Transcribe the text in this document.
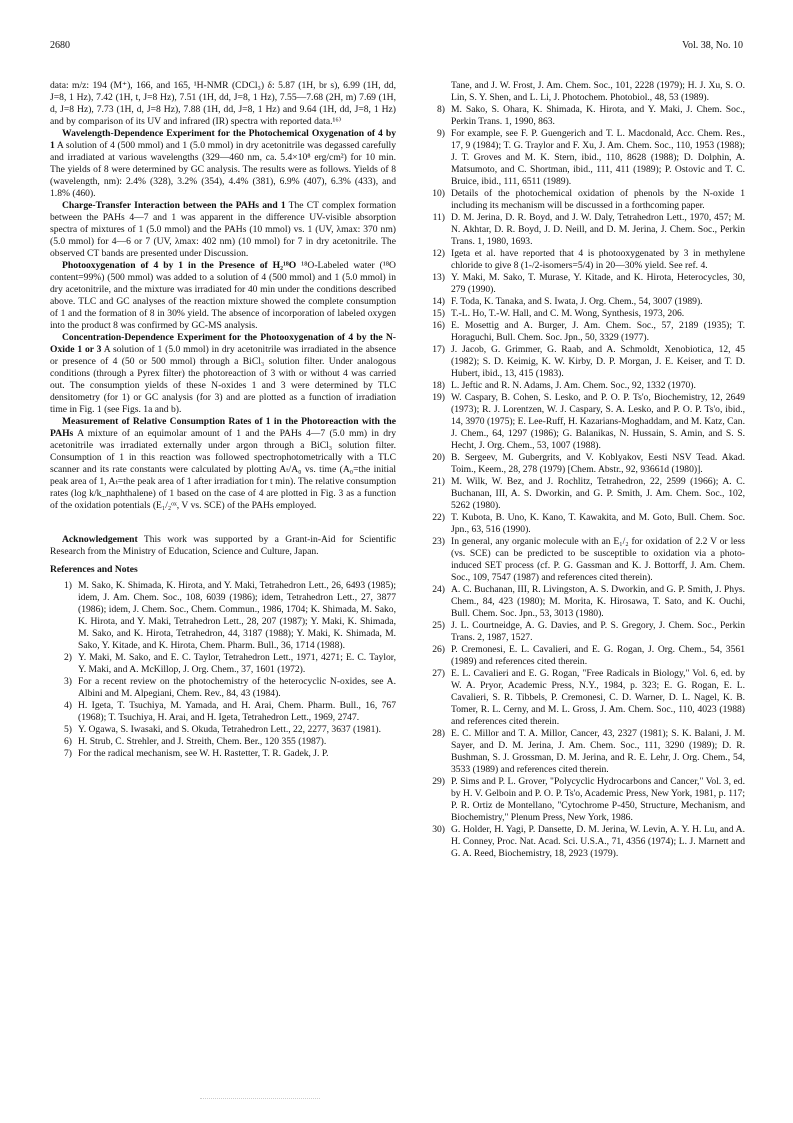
2680	Vol. 38, No. 10

data: m/z: 194 (M⁺), 166, and 165, ¹H-NMR (CDCl₃) δ: 5.87 (1H, br s), 6.99 (1H, dd, J=8, 1 Hz), 7.42 (1H, t, J=8 Hz), 7.51 (1H, dd, J=8, 1 Hz), 7.55—7.68 (2H, m) 7.69 (1H, d, J=8 Hz), 7.73 (1H, d, J=8 Hz), 7.88 (1H, dd, J=8, 1 Hz) and 9.64 (1H, dd, J=8, 1 Hz) and by comparison of its UV and infrared (IR) spectra with reported data.¹⁶⁾

Wavelength-Dependence Experiment for the Photochemical Oxygenation of 4 by 1 A solution of 4 (500 mmol) and 1 (5.0 mmol) in dry acetonitrile was degassed carefully and irradiated at various wavelengths (329—460 nm, ca. 5.4×10⁸ erg/cm²) for 10 min. The yields of 8 were determined by GC analysis. The results were as follows. Yields of 8 (wavelength, nm): 2.4% (328), 3.2% (354), 4.4% (381), 6.9% (407), 6.3% (433), and 1.8% (460).

Charge-Transfer Interaction between the PAHs and 1 The CT complex formation between the PAHs 4—7 and 1 was apparent in the difference UV-visible absorption spectra of mixtures of 1 (5.0 mmol) and the PAHs (10 mmol) vs. 1 (UV, λmax: 370 nm) (5.0 mmol) for 4—6 or 7 (UV, λmax: 402 nm) (10 mmol) for 7 in dry acetonitrile. The observed CT bands are presented under Discussion.

Photooxygenation of 4 by 1 in the Presence of H₂¹⁸O ¹⁸O-Labeled water (¹⁸O content=99%) (500 mmol) was added to a solution of 4 (500 mmol) and 1 (5.0 mmol) in dry acetonitrile, and the mixture was irradiated for 40 min under the conditions described above. TLC and GC analyses of the reaction mixture showed the complete consumption of 1 and the formation of 8 in 30% yield. The absence of incorporation of labeled oxygen into the product 8 was confirmed by GC-MS analysis.

Concentration-Dependence Experiment for the Photooxygenation of 4 by the N-Oxide 1 or 3 A solution of 1 (5.0 mmol) in dry acetonitrile was irradiated in the absence or presence of 4 (50 or 500 mmol) through a BiCl₃ solution filter. Under analogous conditions (through a Pyrex filter) the photoreaction of 3 with or without 4 was carried out. The consumption yields of these N-oxides 1 and 3 were determined by TLC densitometry (for 1) or GC analysis (for 3) and are plotted as a function of irradiation time in Fig. 1 (see Figs. 1a and b).

Measurement of Relative Consumption Rates of 1 in the Photoreaction with the PAHs A mixture of an equimolar amount of 1 and the PAHs 4—7 (5.0 mm) in dry acetonitrile was irradiated externally under argon through a BiCl₃ solution filter. Consumption of 1 in this reaction was followed spectrophotometrically with a TLC scanner and its rate constants were calculated by plotting Aₜ/A₀ vs. time (A₀=the initial peak area of 1, Aₜ=the peak area of 1 after irradiation for t min). The relative consumption rates (log k/k_naphthalene) of 1 based on the case of 4 are plotted in Fig. 3 as a function of the oxidation potentials (E₁/₂ᵒˣ, V vs. SCE) of the PAHs employed.

Acknowledgement This work was supported by a Grant-in-Aid for Scientific Research from the Ministry of Education, Science and Culture, Japan.

References and Notes
1) M. Sako, K. Shimada, K. Hirota, and Y. Maki, Tetrahedron Lett., 26, 6493 (1985); idem, J. Am. Chem. Soc., 108, 6039 (1986); idem, Tetrahedron Lett., 27, 3877 (1986); idem, J. Chem. Soc., Chem. Commun., 1986, 1704; K. Shimada, M. Sako, K. Hirota, and Y. Maki, Tetrahedron Lett., 28, 207 (1987); Y. Maki, K. Shimada, M. Sako, and K. Hirota, Tetrahedron, 44, 3187 (1988); Y. Maki, K. Shimada, M. Sako, Y. Kitade, and K. Hirota, Chem. Pharm. Bull., 36, 1714 (1988).
2) Y. Maki, M. Sako, and E. C. Taylor, Tetrahedron Lett., 1971, 4271; E. C. Taylor, Y. Maki, and A. McKillop, J. Org. Chem., 37, 1601 (1972).
3) For a recent review on the photochemistry of the heterocyclic N-oxides, see A. Albini and M. Alpegiani, Chem. Rev., 84, 43 (1984).
4) H. Igeta, T. Tsuchiya, M. Yamada, and H. Arai, Chem. Pharm. Bull., 16, 767 (1968); T. Tsuchiya, H. Arai, and H. Igeta, Tetrahedron Lett., 1969, 2747.
5) Y. Ogawa, S. Iwasaki, and S. Okuda, Tetrahedron Lett., 22, 2277, 3637 (1981).
6) H. Strub, C. Strehler, and J. Streith, Chem. Ber., 120 355 (1987).
7) For the radical mechanism, see W. H. Rastetter, T. R. Gadek, J. P.
Tane, and J. W. Frost, J. Am. Chem. Soc., 101, 2228 (1979); H. J. Xu, S. O. Lin, S. Y. Shen, and L. Li, J. Photochem. Photobiol., 48, 53 (1989).
8) M. Sako, S. Ohara, K. Shimada, K. Hirota, and Y. Maki, J. Chem. Soc., Perkin Trans. 1, 1990, 863.
9) For example, see F. P. Guengerich and T. L. Macdonald, Acc. Chem. Res., 17, 9 (1984); T. G. Traylor and F. Xu, J. Am. Chem. Soc., 110, 1953 (1988); J. T. Groves and M. K. Stern, ibid., 110, 8628 (1988); D. Dolphin, A. Matsumoto, and C. Shortman, ibid., 111, 411 (1989); P. Ostovic and T. C. Bruice, ibid., 111, 6511 (1989).
10) Details of the photochemical oxidation of phenols by the N-oxide 1 including its mechanism will be discussed in a forthcoming paper.
11) D. M. Jerina, D. R. Boyd, and J. W. Daly, Tetrahedron Lett., 1970, 457; M. N. Akhtar, D. R. Boyd, J. D. Neill, and D. M. Jerina, J. Chem. Soc., Perkin Trans. 1, 1980, 1693.
12) Igeta et al. have reported that 4 is photooxygenated by 3 in methylene chloride to give 8 (1-/2-isomers=5/4) in 20—30% yield. See ref. 4.
13) Y. Maki, M. Sako, T. Murase, Y. Kitade, and K. Hirota, Heterocycles, 30, 279 (1990).
14) F. Toda, K. Tanaka, and S. Iwata, J. Org. Chem., 54, 3007 (1989).
15) T.-L. Ho, T.-W. Hall, and C. M. Wong, Synthesis, 1973, 206.
16) E. Mosettig and A. Burger, J. Am. Chem. Soc., 57, 2189 (1935); T. Horaguchi, Bull. Chem. Soc. Jpn., 50, 3329 (1977).
17) J. Jacob, G. Grimmer, G. Raab, and A. Schmoldt, Xenobiotica, 12, 45 (1982); S. D. Keimig, K. W. Kirby, D. P. Morgan, J. E. Keiser, and T. D. Hubert, ibid., 13, 415 (1983).
18) L. Jeftic and R. N. Adams, J. Am. Chem. Soc., 92, 1332 (1970).
19) W. Caspary, B. Cohen, S. Lesko, and P. O. P. Ts'o, Biochemistry, 12, 2649 (1973); R. J. Lorentzen, W. J. Caspary, S. A. Lesko, and P. O. P. Ts'o, ibid., 14, 3970 (1975); E. Lee-Ruff, H. Kazarians-Moghaddam, and M. Katz, Can. J. Chem., 64, 1297 (1986); G. Balanikas, N. Hussain, S. Amin, and S. S. Hecht, J. Org. Chem., 53, 1007 (1988).
20) B. Sergeev, M. Gubergrits, and V. Koblyakov, Eesti NSV Tead. Akad. Toim., Keem., 28, 278 (1979) [Chem. Abstr., 92, 93661d (1980)].
21) M. Wilk, W. Bez, and J. Rochlitz, Tetrahedron, 22, 2599 (1966); A. C. Buchanan, III, A. S. Dworkin, and G. P. Smith, J. Am. Chem. Soc., 102, 5262 (1980).
22) T. Kubota, B. Uno, K. Kano, T. Kawakita, and M. Goto, Bull. Chem. Soc. Jpn., 63, 516 (1990).
23) In general, any organic molecule with an E₁/₂ for oxidation of 2.2 V or less (vs. SCE) can be predicted to be susceptible to oxidation via a photo-induced SET process (cf. P. G. Gassman and K. J. Bottorff, J. Am. Chem. Soc., 109, 7547 (1987) and references cited therein).
24) A. C. Buchanan, III, R. Livingston, A. S. Dworkin, and G. P. Smith, J. Phys. Chem., 84, 423 (1980); M. Morita, K. Hirosawa, T. Sato, and K. Ouchi, Bull. Chem. Soc. Jpn., 53, 3013 (1980).
25) J. L. Courtneidge, A. G. Davies, and P. S. Gregory, J. Chem. Soc., Perkin Trans. 2, 1987, 1527.
26) P. Cremonesi, E. L. Cavalieri, and E. G. Rogan, J. Org. Chem., 54, 3561 (1989) and references cited therein.
27) E. L. Cavalieri and E. G. Rogan, "Free Radicals in Biology," Vol. 6, ed. by W. A. Pryor, Academic Press, N.Y., 1984, p. 323; E. G. Rogan, E. L. Cavalieri, S. R. Tibbels, P. Cremonesi, C. D. Warner, D. L. Nagel, K. B. Tomer, R. L. Cerny, and M. L. Gross, J. Am. Chem. Soc., 110, 4023 (1988) and references cited therein.
28) E. C. Millor and T. A. Millor, Cancer, 43, 2327 (1981); S. K. Balani, J. M. Sayer, and D. M. Jerina, J. Am. Chem. Soc., 111, 3290 (1989); D. R. Bushman, S. J. Grossman, D. M. Jerina, and R. E. Lehr, J. Org. Chem., 54, 3533 (1989) and references cited therein.
29) P. Sims and P. L. Grover, "Polycyclic Hydrocarbons and Cancer," Vol. 3, ed. by H. V. Gelboin and P. O. P. Ts'o, Academic Press, New York, 1981, p. 117; P. R. Ortiz de Montellano, "Cytochrome P-450, Structure, Mechanism, and Biochemistry," Plenum Press, New York, 1986.
30) G. Holder, H. Yagi, P. Dansette, D. M. Jerina, W. Levin, A. Y. H. Lu, and A. H. Conney, Proc. Nat. Acad. Sci. U.S.A., 71, 4356 (1974); L. J. Marnett and G. A. Reed, Biochemistry, 18, 2923 (1979).
